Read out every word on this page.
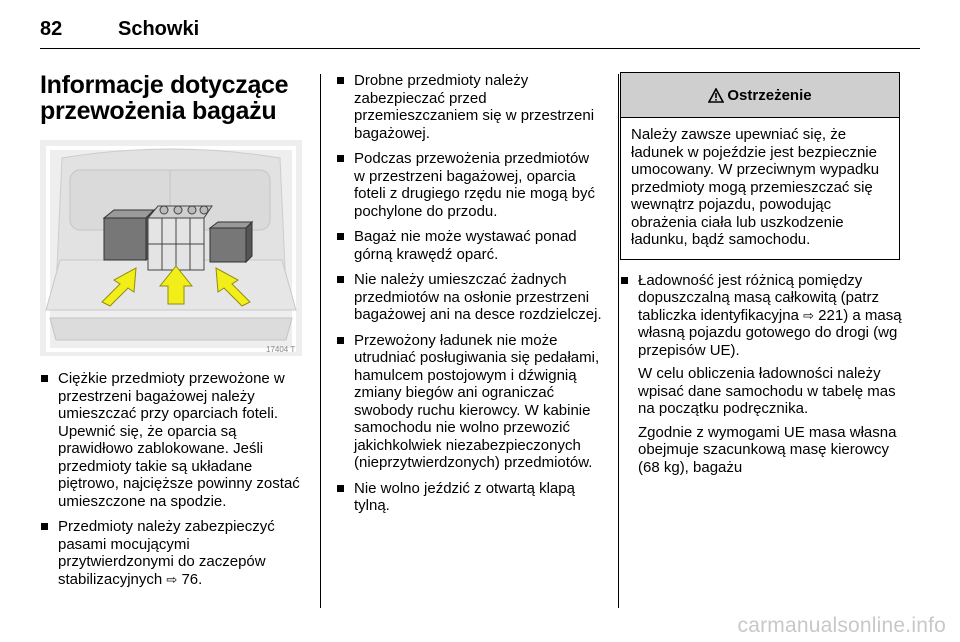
82	Schowki
Informacje dotyczące
przewożenia bagażu
Ciężkie przedmioty przewożone w przestrzeni bagażowej należy umieszczać przy oparciach foteli. Upewnić się, że oparcia są prawidłowo zablokowane. Jeśli przedmioty takie są układane piętrowo, najcięższe powinny zostać umieszczone na spodzie.
Przedmioty należy zabezpieczyć pasami mocującymi przytwierdzonymi do zaczepów stabilizacyjnych ⇨ 76.
17404 T
Drobne przedmioty należy zabezpieczać przed przemieszczaniem się w przestrzeni bagażowej.
Podczas przewożenia przedmiotów w przestrzeni bagażowej, oparcia foteli z drugiego rzędu nie mogą być pochylone do przodu.
Bagaż nie może wystawać ponad górną krawędź oparć.
Nie należy umieszczać żadnych przedmiotów na osłonie przestrzeni bagażowej ani na desce rozdzielczej.
Przewożony ładunek nie może utrudniać posługiwania się pedałami, hamulcem postojowym i dźwignią zmiany biegów ani ograniczać swobody ruchu kierowcy. W kabinie samochodu nie wolno przewozić jakichkolwiek niezabezpieczonych (nieprzytwierdzonych) przedmiotów.
Nie wolno jeździć z otwartą klapą tylną.
Ostrzeżenie
Należy zawsze upewniać się, że ładunek w pojeździe jest bezpiecznie umocowany. W przeciwnym wypadku przedmioty mogą przemieszczać się wewnątrz pojazdu, powodując obrażenia ciała lub uszkodzenie ładunku, bądź samochodu.
Ładowność jest różnicą pomiędzy dopuszczalną masą całkowitą (patrz tabliczka identyfikacyjna ⇨ 221) a masą własną pojazdu gotowego do drogi (wg przepisów UE).
W celu obliczenia ładowności należy wpisać dane samochodu w tabelę mas na początku podręcznika.
Zgodnie z wymogami UE masa własna obejmuje szacunkową masę kierowcy (68 kg), bagażu
carmanualsonline.info
